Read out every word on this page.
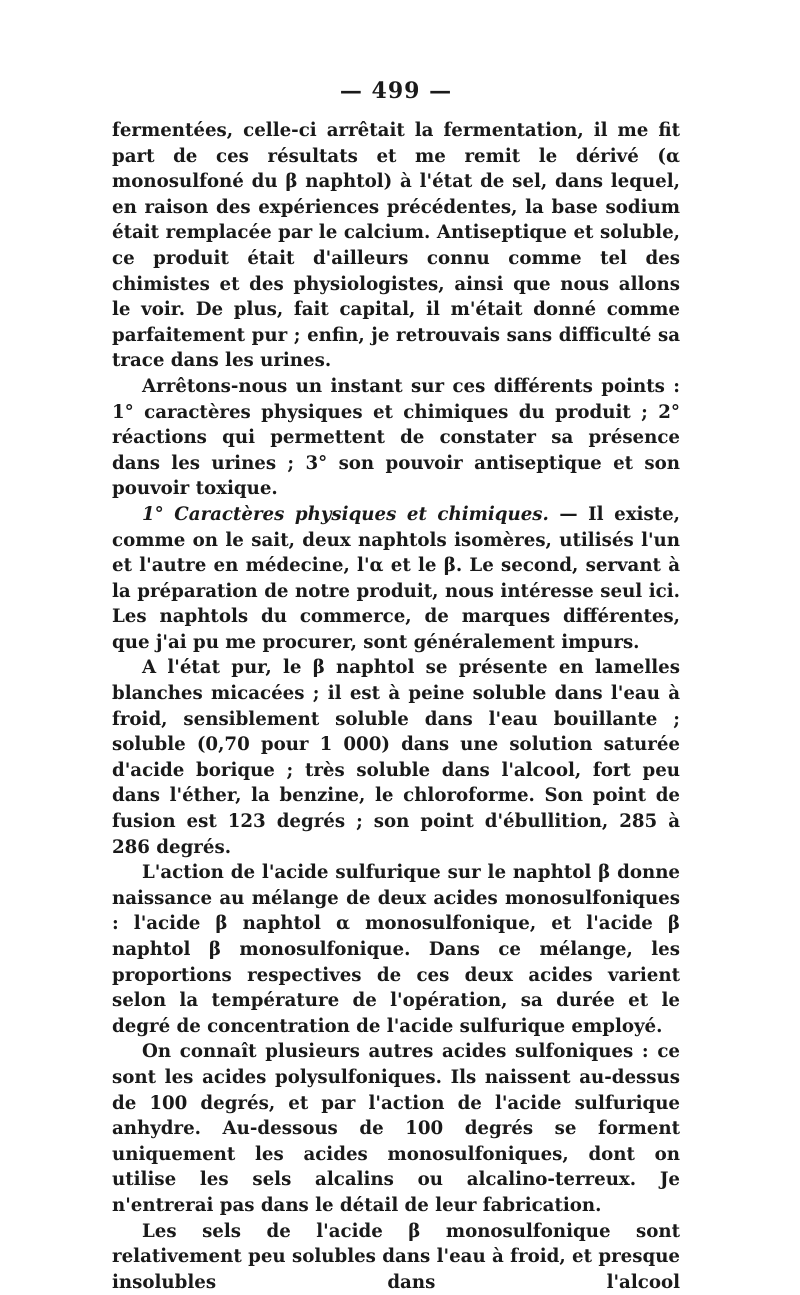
— 499 —

fermentées, celle-ci arrêtait la fermentation, il me fit part de ces résultats et me remit le dérivé (α monosulfoné du β naphtol) à l'état de sel, dans lequel, en raison des expériences précédentes, la base sodium était remplacée par le calcium. Antiseptique et soluble, ce produit était d'ailleurs connu comme tel des chimistes et des physiologistes, ainsi que nous allons le voir. De plus, fait capital, il m'était donné comme parfaitement pur ; enfin, je retrouvais sans difficulté sa trace dans les urines.

Arrêtons-nous un instant sur ces différents points : 1° caractères physiques et chimiques du produit ; 2° réactions qui permettent de constater sa présence dans les urines ; 3° son pouvoir antiseptique et son pouvoir toxique.

1° Caractères physiques et chimiques. — Il existe, comme on le sait, deux naphtols isomères, utilisés l'un et l'autre en médecine, l'α et le β. Le second, servant à la préparation de notre produit, nous intéresse seul ici. Les naphtols du commerce, de marques différentes, que j'ai pu me procurer, sont généralement impurs.

A l'état pur, le β naphtol se présente en lamelles blanches micacées ; il est à peine soluble dans l'eau à froid, sensiblement soluble dans l'eau bouillante ; soluble (0,70 pour 1 000) dans une solution saturée d'acide borique ; très soluble dans l'alcool, fort peu dans l'éther, la benzine, le chloroforme. Son point de fusion est 123 degrés ; son point d'ébullition, 285 à 286 degrés.

L'action de l'acide sulfurique sur le naphtol β donne naissance au mélange de deux acides monosulfoniques : l'acide β naphtol α monosulfonique, et l'acide β naphtol β monosulfonique. Dans ce mélange, les proportions respectives de ces deux acides varient selon la température de l'opération, sa durée et le degré de concentration de l'acide sulfurique employé.

On connaît plusieurs autres acides sulfoniques : ce sont les acides polysulfoniques. Ils naissent au-dessus de 100 degrés, et par l'action de l'acide sulfurique anhydre. Au-dessous de 100 degrés se forment uniquement les acides monosulfoniques, dont on utilise les sels alcalins ou alcalino-terreux. Je n'entrerai pas dans le détail de leur fabrication.

Les sels de l'acide β monosulfonique sont relativement peu solubles dans l'eau à froid, et presque insolubles dans l'alcool
